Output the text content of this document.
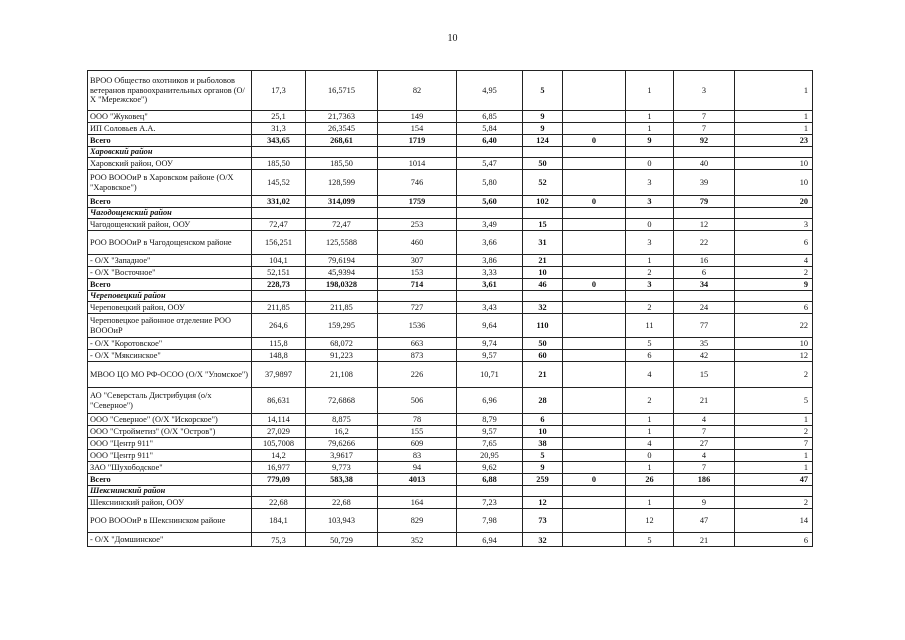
10
ВРОО Общество охотников и рыболовов ветеранов правоохранительных органов (О/Х "Мережское")	17,3	16,5715	82	4,95	5		1	3	1
ООО "Жуковец"	25,1	21,7363	149	6,85	9		1	7	1
ИП Соловьев А.А.	31,3	26,3545	154	5,84	9		1	7	1
Всего	343,65	268,61	1719	6,40	124	0	9	92	23
Харовский район									
Харовский район, ООУ	185,50	185,50	1014	5,47	50		0	40	10
РОО ВОООиР в Харовском районе (О/Х "Харовское")	145,52	128,599	746	5,80	52		3	39	10
Всего	331,02	314,099	1759	5,60	102	0	3	79	20
Чагодощенский район									
Чагодощенский район, ООУ	72,47	72,47	253	3,49	15		0	12	3
РОО ВОООиР в Чагодощенском районе	156,251	125,5588	460	3,66	31		3	22	6
- О/Х "Западное"	104,1	79,6194	307	3,86	21		1	16	4
- О/Х "Восточное"	52,151	45,9394	153	3,33	10		2	6	2
Всего	228,73	198,0328	714	3,61	46	0	3	34	9
Череповецкий район									
Череповецкий район, ООУ	211,85	211,85	727	3,43	32		2	24	6
Череповецкое районное отделение РОО ВОООиР	264,6	159,295	1536	9,64	110		11	77	22
- О/Х "Коротовское"	115,8	68,072	663	9,74	50		5	35	10
- О/Х "Мяксинское"	148,8	91,223	873	9,57	60		6	42	12
МВОО ЦО МО РФ-ОСОО (О/Х "Уломское")	37,9897	21,108	226	10,71	21		4	15	2
АО "Северсталь Дистрибуция (о/х "Северное")	86,631	72,6868	506	6,96	28		2	21	5
ООО "Северное" (О/Х "Искорское")	14,114	8,875	78	8,79	6		1	4	1
ООО "Стройметиз" (О/Х "Остров")	27,029	16,2	155	9,57	10		1	7	2
ООО "Центр 911"	105,7008	79,6266	609	7,65	38		4	27	7
ООО "Центр 911"	14,2	3,9617	83	20,95	5		0	4	1
ЗАО "Шухободское"	16,977	9,773	94	9,62	9		1	7	1
Всего	779,09	583,38	4013	6,88	259	0	26	186	47
Шекснинский район									
Шекснинский район, ООУ	22,68	22,68	164	7,23	12		1	9	2
РОО ВОООиР в Шекснинском районе	184,1	103,943	829	7,98	73		12	47	14
- О/Х "Домшинское"	75,3	50,729	352	6,94	32		5	21	6
